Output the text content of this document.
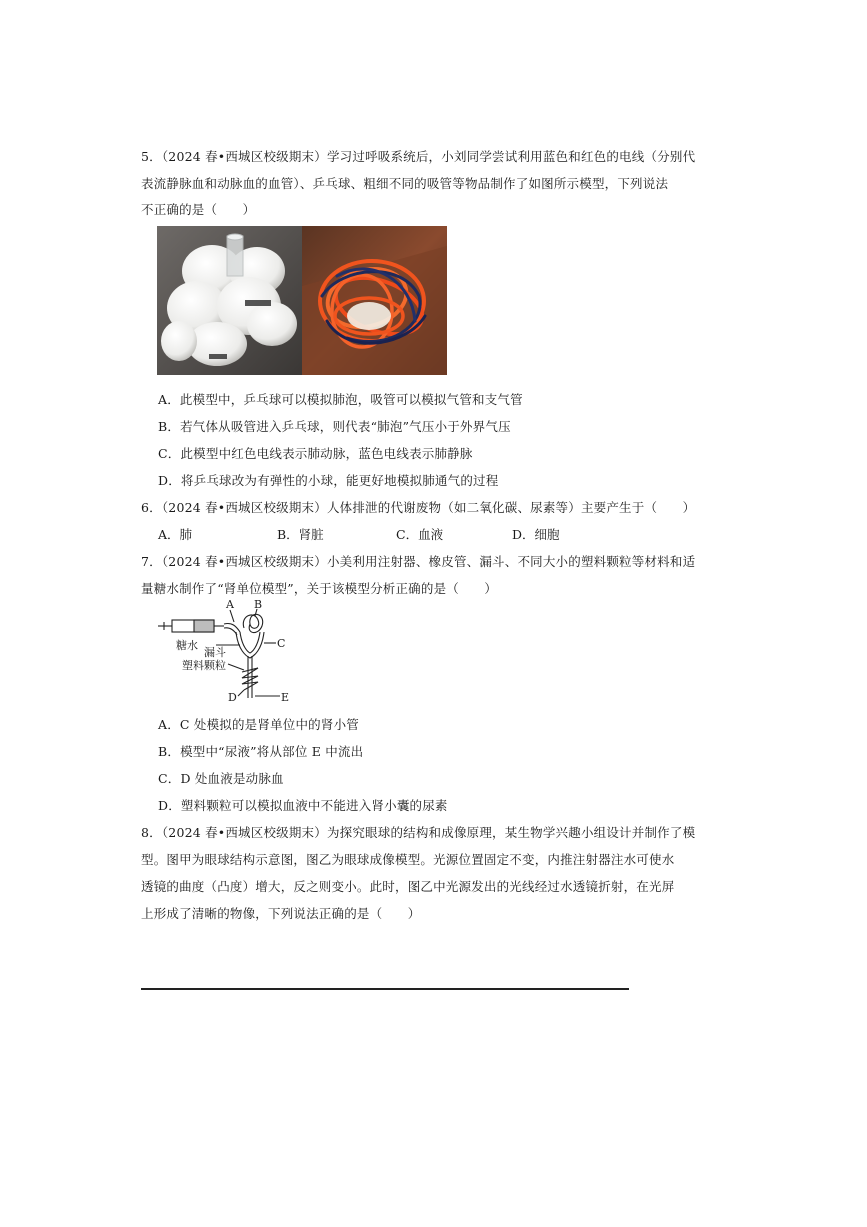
5．（2024 春•西城区校级期末）学习过呼吸系统后，小刘同学尝试利用蓝色和红色的电线（分别代
表流静脉血和动脉血的血管）、乒乓球、粗细不同的吸管等物品制作了如图所示模型，下列说法
不正确的是（　　）
A．此模型中，乒乓球可以模拟肺泡，吸管可以模拟气管和支气管
B．若气体从吸管进入乒乓球，则代表“肺泡”气压小于外界气压
C．此模型中红色电线表示肺动脉，蓝色电线表示肺静脉
D．将乒乓球改为有弹性的小球，能更好地模拟肺通气的过程
6．（2024 春•西城区校级期末）人体排泄的代谢废物（如二氧化碳、尿素等）主要产生于（　　）
A．肺	B．肾脏	C．血液	D．细胞
7．（2024 春•西城区校级期末）小美利用注射器、橡皮管、漏斗、不同大小的塑料颗粒等材料和适
量糖水制作了“肾单位模型”，关于该模型分析正确的是（　　）
A B
C
D	E
糖水
漏斗
塑料颗粒
A．C 处模拟的是肾单位中的肾小管
B．模型中“尿液”将从部位 E 中流出
C．D 处血液是动脉血
D．塑料颗粒可以模拟血液中不能进入肾小囊的尿素
8．（2024 春•西城区校级期末）为探究眼球的结构和成像原理，某生物学兴趣小组设计并制作了模
型。图甲为眼球结构示意图，图乙为眼球成像模型。光源位置固定不变，内推注射器注水可使水
透镜的曲度（凸度）增大，反之则变小。此时，图乙中光源发出的光线经过水透镜折射，在光屏
上形成了清晰的物像，下列说法正确的是（　　）
